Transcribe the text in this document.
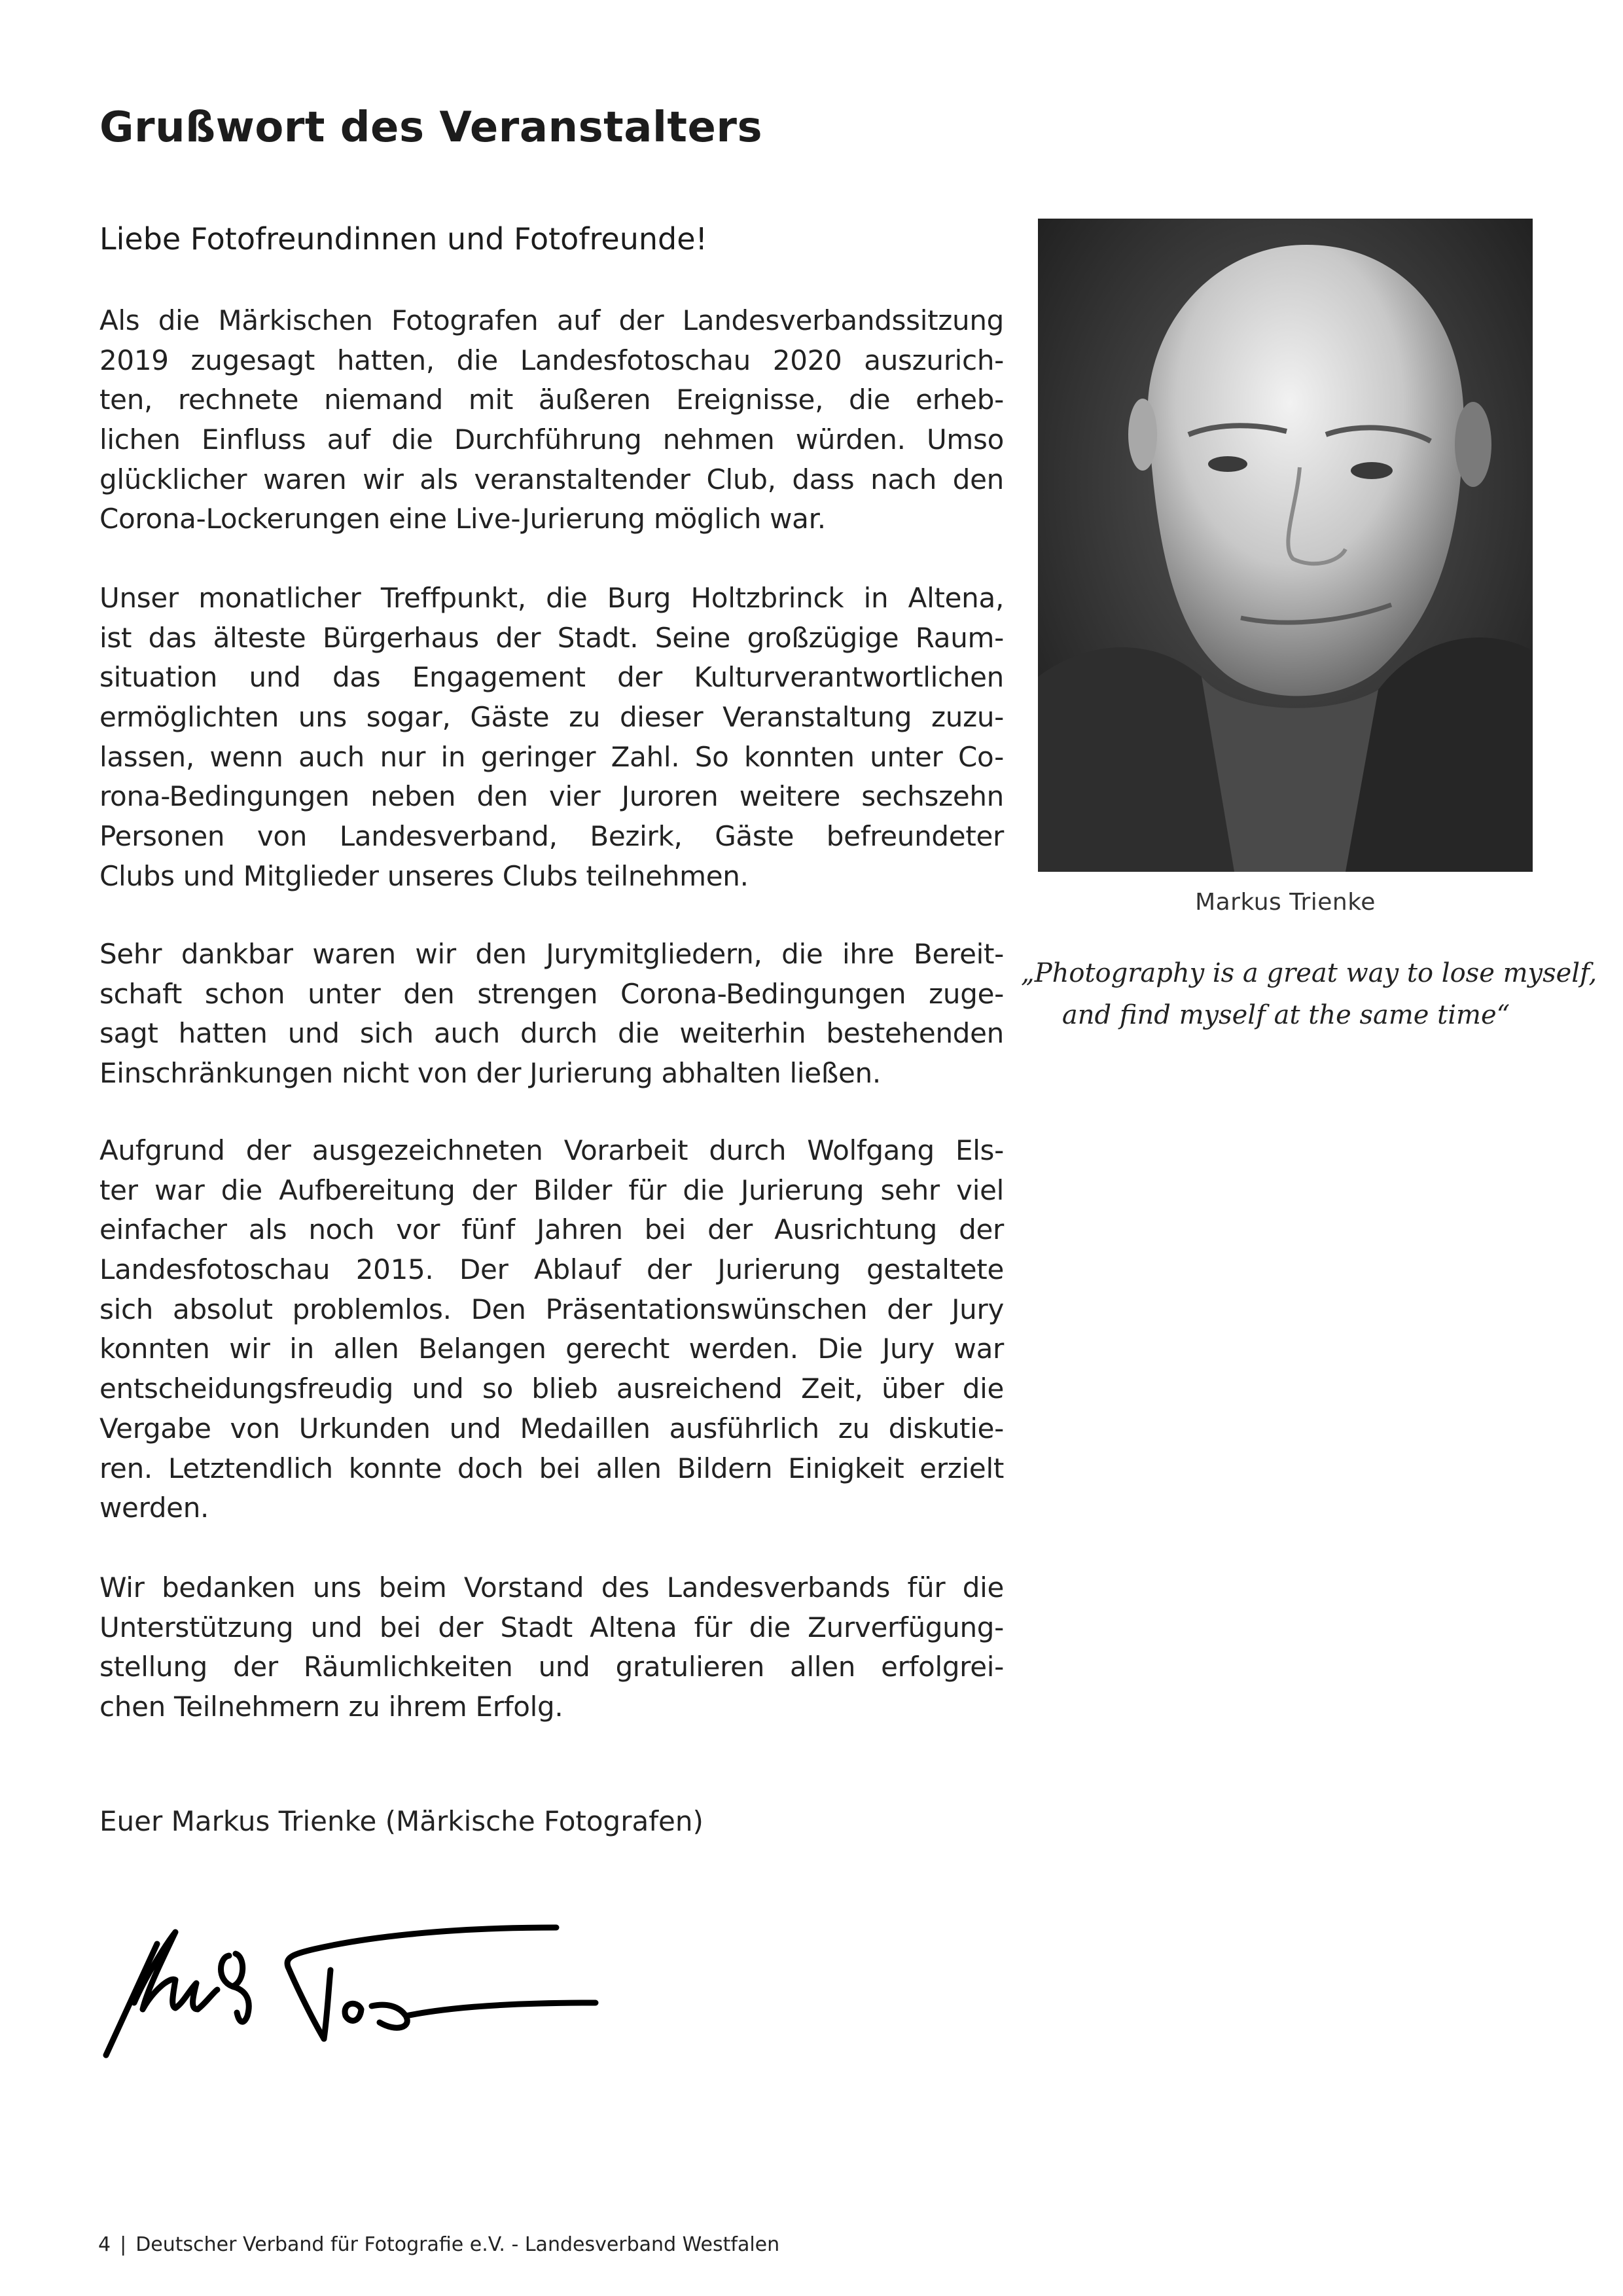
Grußwort des Veranstalters
Liebe Fotofreundinnen und Fotofreunde!
Als die Märkischen Fotografen auf der Landesverbandssitzung
2019 zugesagt hatten, die Landesfotoschau 2020 auszurich-
ten, rechnete niemand mit äußeren Ereignisse, die erheb-
lichen Einfluss auf die Durchführung nehmen würden. Umso
glücklicher waren wir als veranstaltender Club, dass nach den
Corona-Lockerungen eine Live-Jurierung möglich war.
Unser monatlicher Treffpunkt, die Burg Holtzbrinck in Altena,
ist das älteste Bürgerhaus der Stadt. Seine großzügige Raum-
situation und das Engagement der Kulturverantwortlichen
ermöglichten uns sogar, Gäste zu dieser Veranstaltung zuzu-
lassen, wenn auch nur in geringer Zahl. So konnten unter Co-
rona-Bedingungen neben den vier Juroren weitere sechszehn
Personen von Landesverband, Bezirk, Gäste befreundeter
Clubs und Mitglieder unseres Clubs teilnehmen.
Sehr dankbar waren wir den Jurymitgliedern, die ihre Bereit-
schaft schon unter den strengen Corona-Bedingungen zuge-
sagt hatten und sich auch durch die weiterhin bestehenden
Einschränkungen nicht von der Jurierung abhalten ließen.
Aufgrund der ausgezeichneten Vorarbeit durch Wolfgang Els-
ter war die Aufbereitung der Bilder für die Jurierung sehr viel
einfacher als noch vor fünf Jahren bei der Ausrichtung der
Landesfotoschau 2015. Der Ablauf der Jurierung gestaltete
sich absolut problemlos. Den Präsentationswünschen der Jury
konnten wir in allen Belangen gerecht werden. Die Jury war
entscheidungsfreudig und so blieb ausreichend Zeit, über die
Vergabe von Urkunden und Medaillen ausführlich zu diskutie-
ren. Letztendlich konnte doch bei allen Bildern Einigkeit erzielt
werden.
Wir bedanken uns beim Vorstand des Landesverbands für die
Unterstützung und bei der Stadt Altena für die Zurverfügung-
stellung der Räumlichkeiten und gratulieren allen erfolgrei-
chen Teilnehmern zu ihrem Erfolg.
Euer Markus Trienke (Märkische Fotografen)
Markus Trienke
„Photography is a great way to lose myself,
and find myself at the same time“
4 | Deutscher Verband für Fotografie e.V. - Landesverband Westfalen
